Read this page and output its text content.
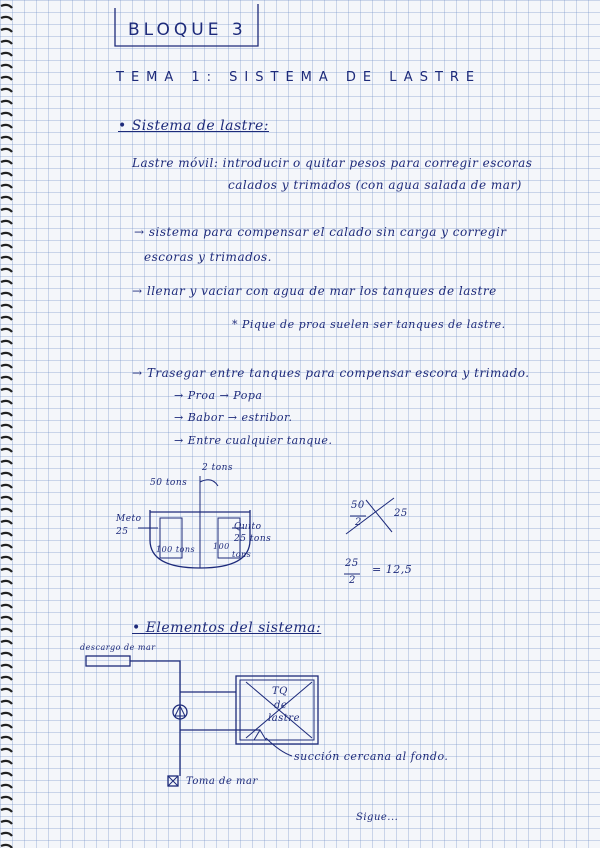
BLOQUE 3
TEMA 1: SISTEMA DE LASTRE
• Sistema de lastre:
Lastre móvil: introducir o quitar pesos para corregir escoras
calados y trimados (con agua salada de mar)
→ sistema para compensar el calado sin carga y corregir
escoras y trimados.
→ llenar y vaciar con agua de mar los tanques de lastre
* Pique de proa suelen ser tanques de lastre.
→ Trasegar entre tanques para compensar escora y trimado.
→ Proa → Popa
→ Babor → estribor.
→ Entre cualquier tanque.
2 tons
50 tons
Meto
25	Quito
25 tons
100 tons 100
tons
50
2
25
25
2
= 12,5
• Elementos del sistema:
descargo de mar
TQ
de
lastre
succión cercana al fondo.
Toma de mar
Sigue...
